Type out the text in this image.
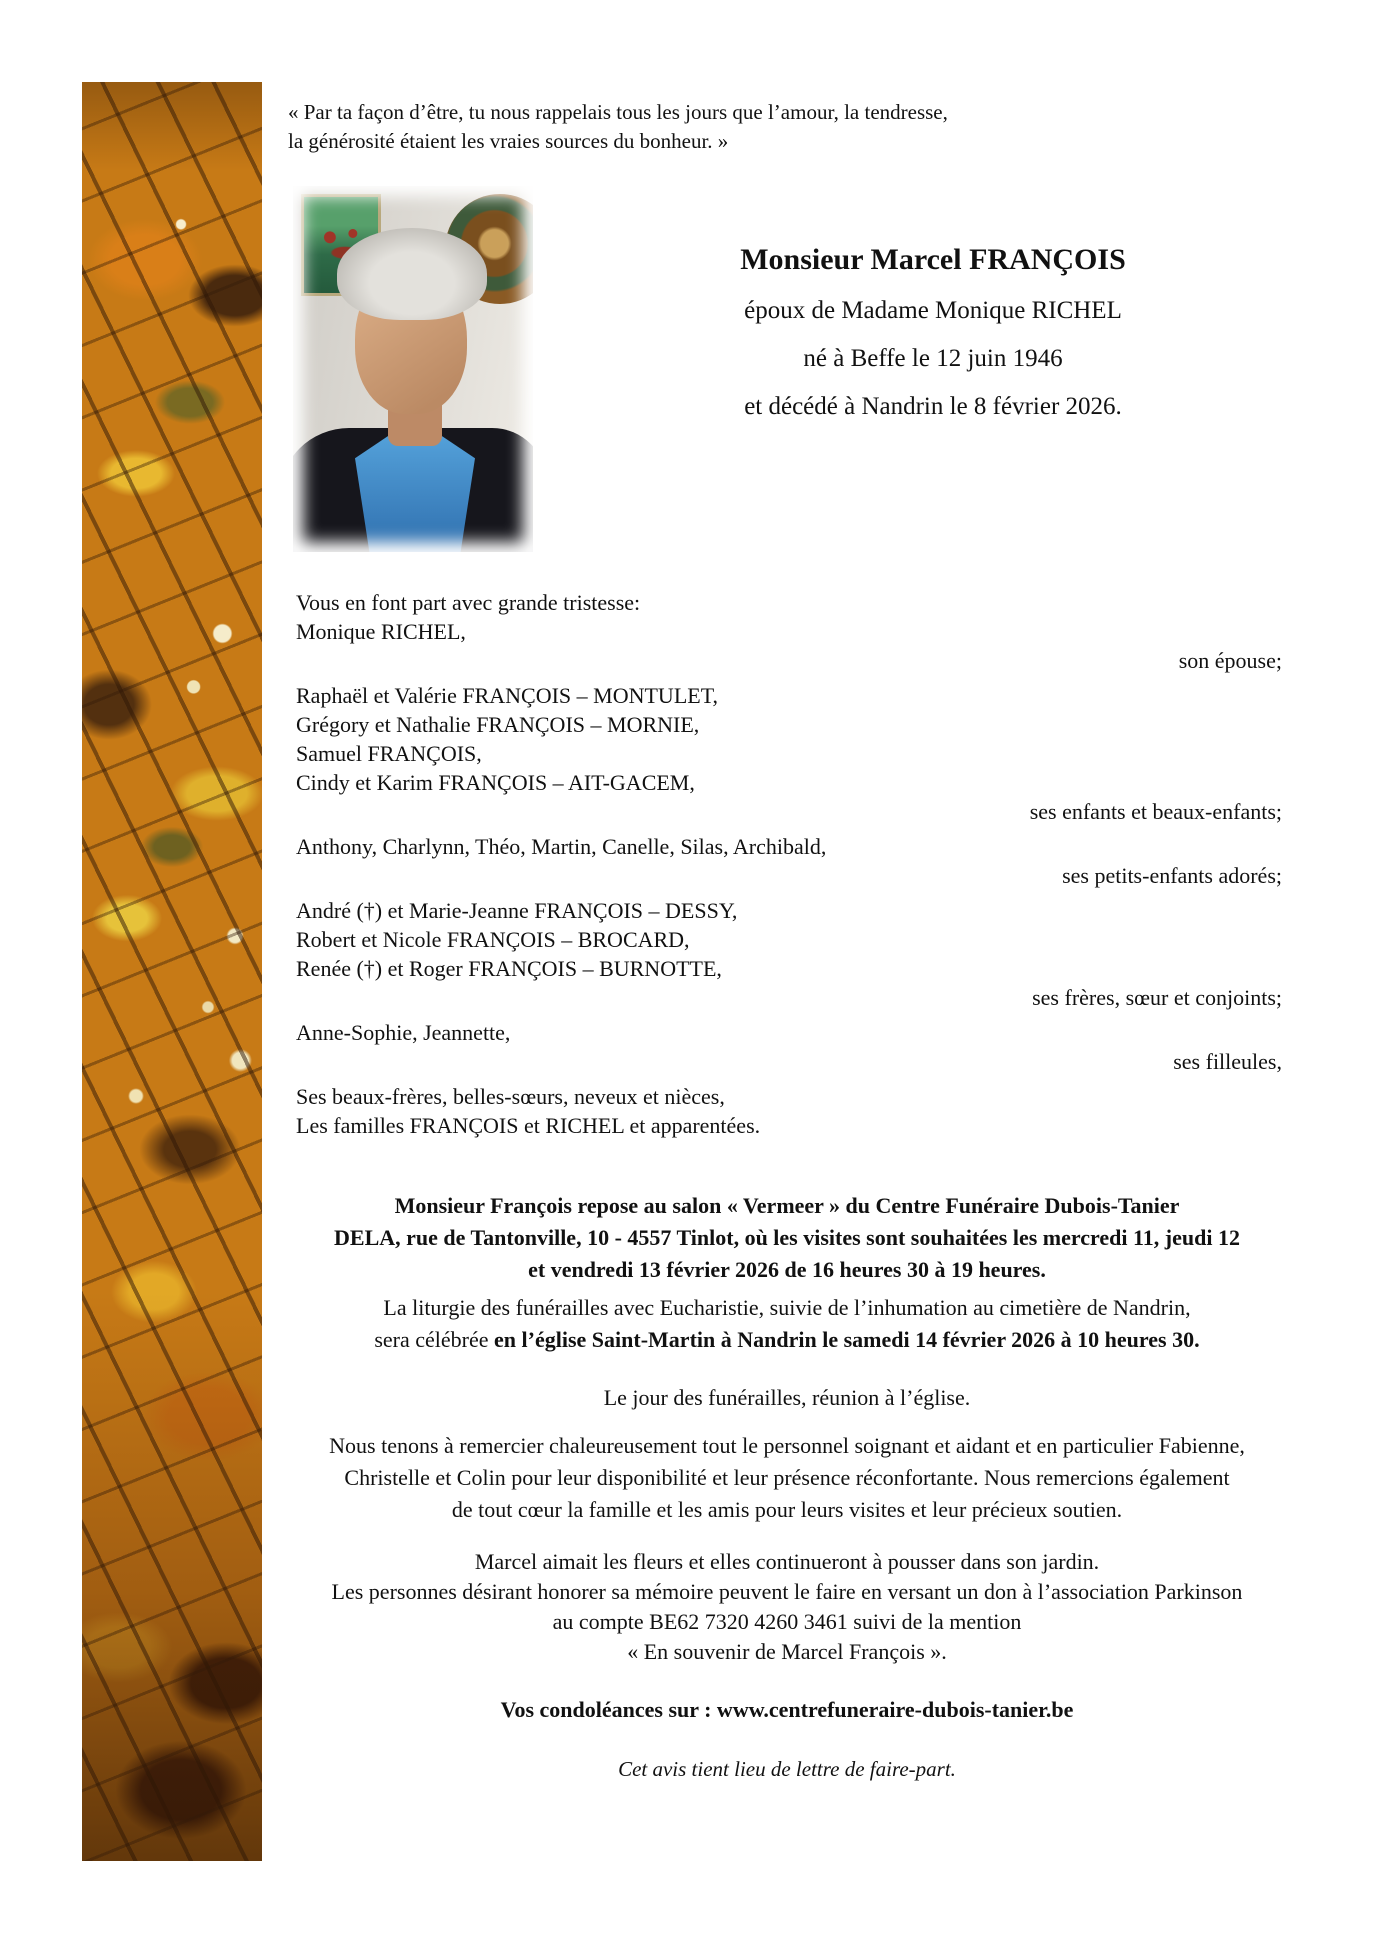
« Par ta façon d’être, tu nous rappelais tous les jours que l’amour, la tendresse,
la générosité étaient les vraies sources du bonheur. »
Monsieur Marcel FRANÇOIS
époux de Madame Monique RICHEL
né à Beffe le 12 juin 1946
et décédé à Nandrin le 8 février 2026.
Vous en font part avec grande tristesse:
Monique RICHEL,
son épouse;
Raphaël et Valérie FRANÇOIS – MONTULET,
Grégory et Nathalie FRANÇOIS – MORNIE,
Samuel FRANÇOIS,
Cindy et Karim FRANÇOIS – AIT-GACEM,
ses enfants et beaux-enfants;
Anthony, Charlynn, Théo, Martin, Canelle, Silas, Archibald,
ses petits-enfants adorés;
André (†) et Marie-Jeanne FRANÇOIS – DESSY,
Robert et Nicole FRANÇOIS – BROCARD,
Renée (†) et Roger FRANÇOIS – BURNOTTE,
ses frères, sœur et conjoints;
Anne-Sophie, Jeannette,
ses filleules,
Ses beaux-frères, belles-sœurs, neveux et nièces,
Les familles FRANÇOIS et RICHEL et apparentées.
Monsieur François repose au salon « Vermeer » du Centre Funéraire Dubois-Tanier
DELA, rue de Tantonville, 10 - 4557 Tinlot, où les visites sont souhaitées les mercredi 11, jeudi 12
et vendredi 13 février 2026 de 16 heures 30 à 19 heures.
La liturgie des funérailles avec Eucharistie, suivie de l’inhumation au cimetière de Nandrin,
sera célébrée en l’église Saint-Martin à Nandrin le samedi 14 février 2026 à 10 heures 30.
Le jour des funérailles, réunion à l’église.
Nous tenons à remercier chaleureusement tout le personnel soignant et aidant et en particulier Fabienne,
Christelle et Colin pour leur disponibilité et leur présence réconfortante. Nous remercions également
de tout cœur la famille et les amis pour leurs visites et leur précieux soutien.
Marcel aimait les fleurs et elles continueront à pousser dans son jardin.
Les personnes désirant honorer sa mémoire peuvent le faire en versant un don à l’association Parkinson
au compte BE62 7320 4260 3461 suivi de la mention
« En souvenir de Marcel François ».
Vos condoléances sur : www.centrefuneraire-dubois-tanier.be
Cet avis tient lieu de lettre de faire-part.
